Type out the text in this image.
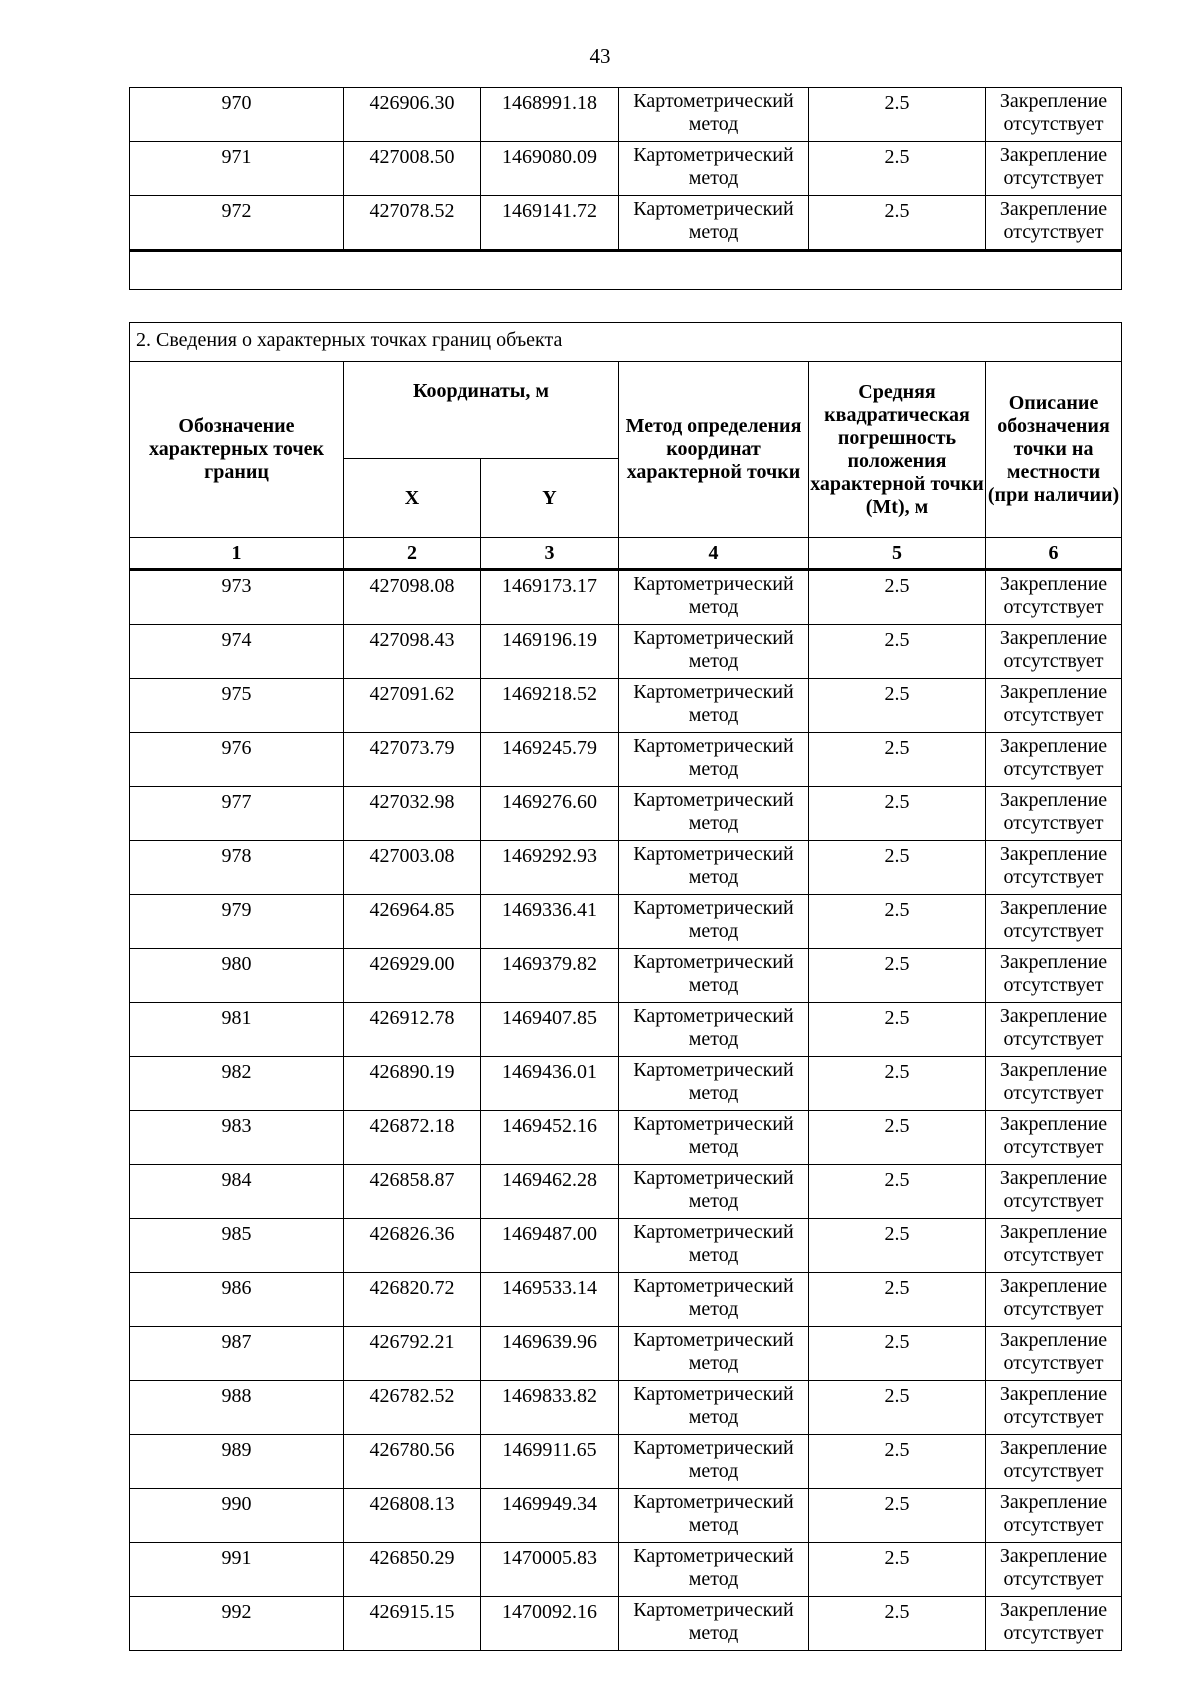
43
970	426906.30	1468991.18	Картометрический метод	2.5	Закрепление отсутствует
971	427008.50	1469080.09	Картометрический метод	2.5	Закрепление отсутствует
972	427078.52	1469141.72	Картометрический метод	2.5	Закрепление отсутствует

2. Сведения о характерных точках границ объекта					
Обозначение характерных точек границ	Координаты, м		Метод определения координат характерной точки	Средняя квадратическая погрешность положения характерной точки (Mt), м	Описание обозначения точки на местности (при наличии)
	X	Y			
1	2	3	4	5	6
973	427098.08	1469173.17	Картометрический метод	2.5	Закрепление отсутствует
974	427098.43	1469196.19	Картометрический метод	2.5	Закрепление отсутствует
975	427091.62	1469218.52	Картометрический метод	2.5	Закрепление отсутствует
976	427073.79	1469245.79	Картометрический метод	2.5	Закрепление отсутствует
977	427032.98	1469276.60	Картометрический метод	2.5	Закрепление отсутствует
978	427003.08	1469292.93	Картометрический метод	2.5	Закрепление отсутствует
979	426964.85	1469336.41	Картометрический метод	2.5	Закрепление отсутствует
980	426929.00	1469379.82	Картометрический метод	2.5	Закрепление отсутствует
981	426912.78	1469407.85	Картометрический метод	2.5	Закрепление отсутствует
982	426890.19	1469436.01	Картометрический метод	2.5	Закрепление отсутствует
983	426872.18	1469452.16	Картометрический метод	2.5	Закрепление отсутствует
984	426858.87	1469462.28	Картометрический метод	2.5	Закрепление отсутствует
985	426826.36	1469487.00	Картометрический метод	2.5	Закрепление отсутствует
986	426820.72	1469533.14	Картометрический метод	2.5	Закрепление отсутствует
987	426792.21	1469639.96	Картометрический метод	2.5	Закрепление отсутствует
988	426782.52	1469833.82	Картометрический метод	2.5	Закрепление отсутствует
989	426780.56	1469911.65	Картометрический метод	2.5	Закрепление отсутствует
990	426808.13	1469949.34	Картометрический метод	2.5	Закрепление отсутствует
991	426850.29	1470005.83	Картометрический метод	2.5	Закрепление отсутствует
992	426915.15	1470092.16	Картометрический метод	2.5	Закрепление отсутствует
